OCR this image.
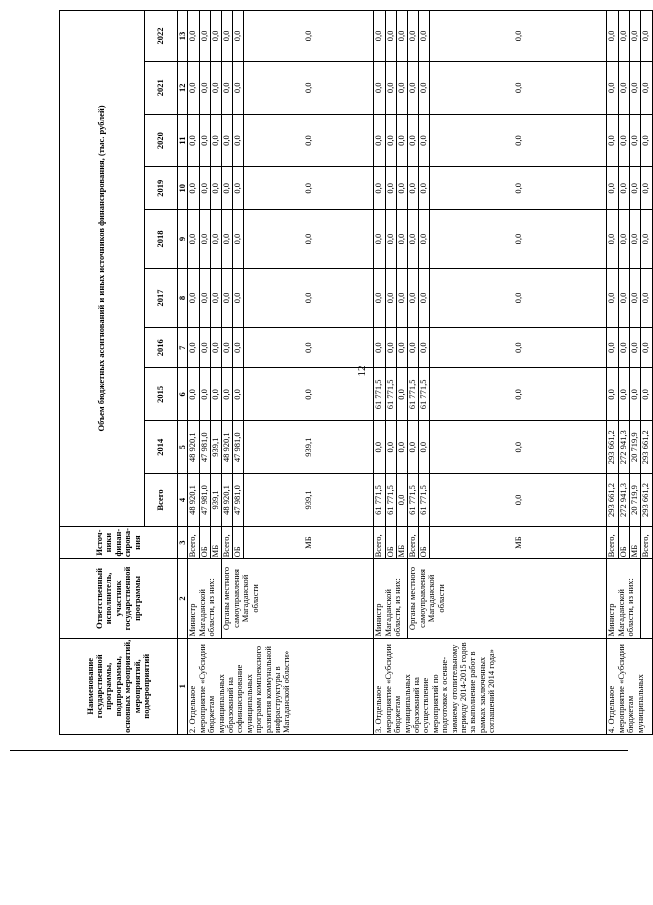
12
Наименование государственной программы, подпрограммы, основных мероприятий, мероприятий, подмероприятий	Ответственный исполнитель, участник государственной программы	Источ-ники финан-сирова-ния	Объем бюджетных ассигнований и иных источников финансирования, (тыс. рублей)									
			Всего	2014	2015	2016	2017	2018	2019	2020	2021	2022
1	2	3	4	5	6	7	8	9	10	11	12	13
2. Отдельное мероприятие «Субсидии бюджетам муниципальных образований на софинансирование муниципальных программ комплексного развития коммунальной инфраструктуры в Магаданской области»	Министр Магаданской области, из них:	Всего,	48 920,1	48 920,1	0,0	0,0	0,0	0,0	0,0	0,0	0,0	0,0
		ОБ	47 981,0	47 981,0	0,0	0,0	0,0	0,0	0,0	0,0	0,0	0,0
		МБ	939,1	939,1	0,0	0,0	0,0	0,0	0,0	0,0	0,0	0,0
	Органы местного самоуправления Магаданской области	Всего,	48 920,1	48 920,1	0,0	0,0	0,0	0,0	0,0	0,0	0,0	0,0
		ОБ	47 981,0	47 981,0	0,0	0,0	0,0	0,0	0,0	0,0	0,0	0,0
		МБ	939,1	939,1	0,0	0,0	0,0	0,0	0,0	0,0	0,0	0,0
3. Отдельное мероприятие «Субсидии бюджетам муниципальных образований на осуществление мероприятий по подготовке к осенне-зимнему отопительному периоду 2014-2015 годов за выполнение работ в рамках заключенных соглашений 2014 года»	Министр Магаданской области, из них:	Всего,	61 771,5	0,0	61 771,5	0,0	0,0	0,0	0,0	0,0	0,0	0,0
		ОБ	61 771,5	0,0	61 771,5	0,0	0,0	0,0	0,0	0,0	0,0	0,0
		МБ	0,0	0,0	0,0	0,0	0,0	0,0	0,0	0,0	0,0	0,0
	Органы местного самоуправления Магаданской области	Всего,	61 771,5	0,0	61 771,5	0,0	0,0	0,0	0,0	0,0	0,0	0,0
		ОБ	61 771,5	0,0	61 771,5	0,0	0,0	0,0	0,0	0,0	0,0	0,0
		МБ	0,0	0,0	0,0	0,0	0,0	0,0	0,0	0,0	0,0	0,0
4. Отдельное мероприятие «Субсидии бюджетам муниципальных	Министр Магаданской области, из них:	Всего,	293 661,2	293 661,2	0,0	0,0	0,0	0,0	0,0	0,0	0,0	0,0
		ОБ	272 941,3	272 941,3	0,0	0,0	0,0	0,0	0,0	0,0	0,0	0,0
		МБ	20 719,9	20 719,9	0,0	0,0	0,0	0,0	0,0	0,0	0,0	0,0
		Всего,	293 661,2	293 661,2	0,0	0,0	0,0	0,0	0,0	0,0	0,0	0,0
